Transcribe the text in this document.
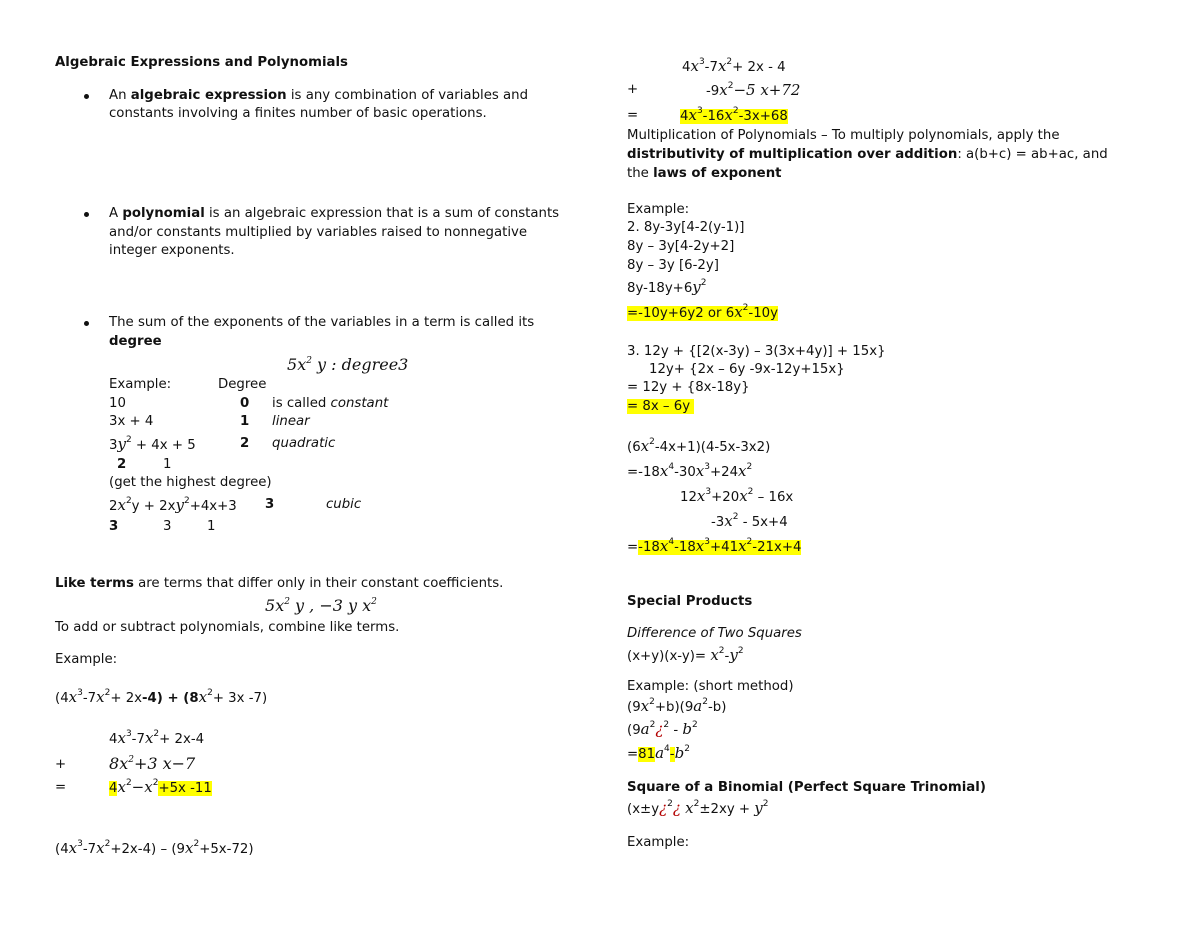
Algebraic Expressions and Polynomials
An algebraic expression is any combination of variables and
constants involving a finites number of basic operations.
A polynomial is an algebraic expression that is a sum of constants
and/or constants multiplied by variables raised to nonnegative
integer exponents.
The sum of the exponents of the variables in a term is called its
degree
$5x^2$ y : degree3
Example:	Degree
10	0 is called constant
3x + 4	1 linear
$3y^2 + 4x + 5$	2 quadratic
2	1
(get the highest degree)
$2x^2y + 2xy^2+4x+3$ 3	cubic
3	3	1
Like terms are terms that differ only in their constant coefficients.
$5x^2$ y , −3 y $x^2$
To add or subtract polynomials, combine like terms.
Example:
$(4x^3-7x^2+ 2x-4) + (8x^2+ 3x$ -7)
$4x^3-7x^2+ 2x-4$
+	$8x^2+3$ x−7
=	$4x^2-x^2+5x$ -11
$(4x^3-7x^2+2x-4) - (9x^2+5x-72)$
$4x^3-7x^2+ 2x - 4$
+	$-9x^2-5$ x+72
=	$4x^3-16x^2-3x+68$
Multiplication of Polynomials – To multiply polynomials, apply the
distributivity of multiplication over addition: a(b+c) = ab+ac, and
the laws of exponent
Example:
2. 8y-3y[4-2(y-1)]
8y – 3y[4-2y+2]
8y – 3y [6-2y]
$8y-18y+6y^2$
=-10y+6y2 or $6x^2-10y$
3. 12y + {[2(x-3y) – 3(3x+4y)] + 15x}
12y+ {2x – 6y -9x-12y+15x}
= 12y + {8x-18y}
= 8x – 6y
$(6x^2-4x+1)(4-5x-3x2)$
$=-18x^4-30x^3+24x^2$
$12x^3+20x^2 - 16x$
$-3x^2 - 5x+4$
$=-18x^4-18x^3+41x^2-21x+4$
Special Products
Difference of Two Squares
$(x+y)(x-y)= x^2-y^2$
Example: (short method)
$(9x^2+b)(9a^2-b)$
($9a^2¿^2 - b^2$
$=81a^4-b^2$
Square of a Binomial (Perfect Square Trinomial)
(x±y¿$^2$¿ $x^2\pm 2xy + y^2$
Example:
